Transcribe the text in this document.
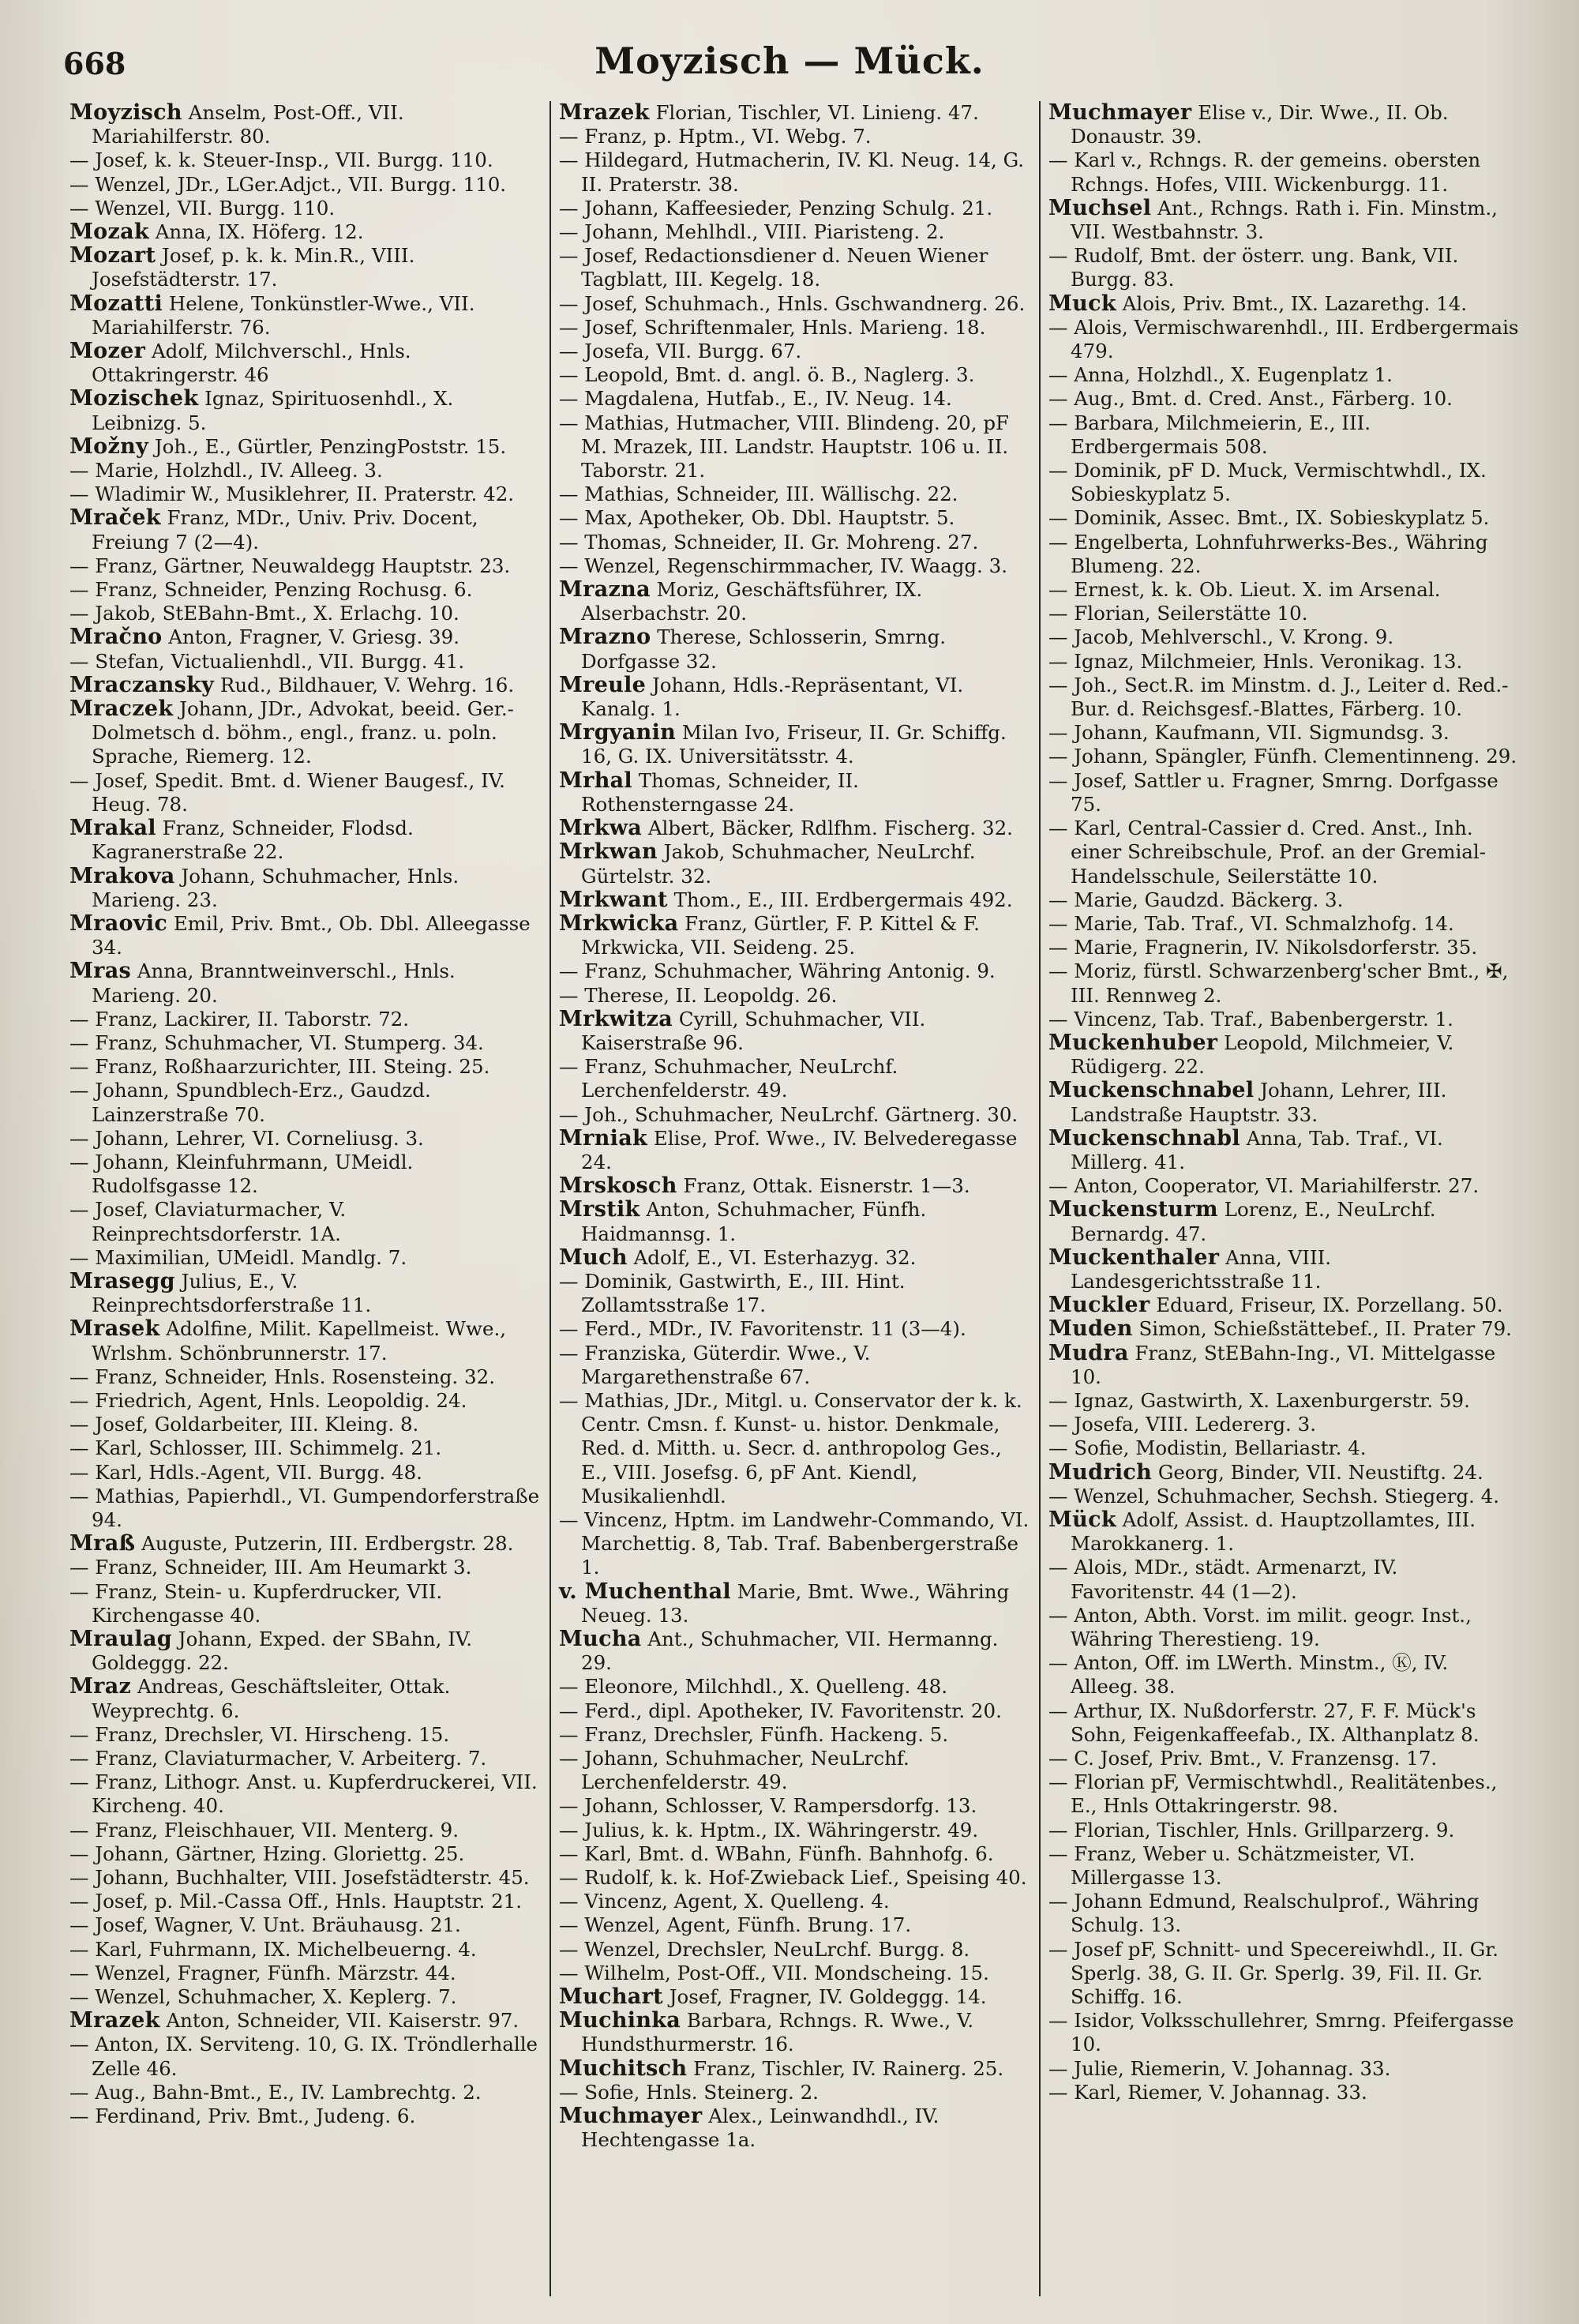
668	Moyzisch — Mück.

Moyzisch Anselm, Post-Off., VII. Mariahilferstr. 80.

— Josef, k. k. Steuer-Insp., VII. Burgg. 110.

— Wenzel, JDr., LGer.Adjct., VII. Burgg. 110.

— Wenzel, VII. Burgg. 110.

Mozak Anna, IX. Höferg. 12.

Mozart Josef, p. k. k. Min.R., VIII. Josefstädterstr. 17.

Mozatti Helene, Tonkünstler-Wwe., VII. Mariahilferstr. 76.

Mozer Adolf, Milchverschl., Hnls. Ottakringerstr. 46

Mozischek Ignaz, Spirituosenhdl., X. Leibnizg. 5.

Možny Joh., E., Gürtler, PenzingPoststr. 15.

— Marie, Holzhdl., IV. Alleeg. 3.

— Wladimir W., Musiklehrer, II. Praterstr. 42.

Mraček Franz, MDr., Univ. Priv. Docent, Freiung 7 (2—4).

— Franz, Gärtner, Neuwaldegg Hauptstr. 23.

— Franz, Schneider, Penzing Rochusg. 6.

— Jakob, StEBahn-Bmt., X. Erlachg. 10.

Mračno Anton, Fragner, V. Griesg. 39.

— Stefan, Victualienhdl., VII. Burgg. 41.

Mraczansky Rud., Bildhauer, V. Wehrg. 16.

Mraczek Johann, JDr., Advokat, beeid. Ger.-Dolmetsch d. böhm., engl., franz. u. poln. Sprache, Riemerg. 12.

— Josef, Spedit. Bmt. d. Wiener Baugesf., IV. Heug. 78.

Mrakal Franz, Schneider, Flodsd. Kagranerstraße 22.

Mrakova Johann, Schuhmacher, Hnls. Marieng. 23.

Mraovic Emil, Priv. Bmt., Ob. Dbl. Alleegasse 34.

Mras Anna, Branntweinverschl., Hnls. Marieng. 20.

— Franz, Lackirer, II. Taborstr. 72.

— Franz, Schuhmacher, VI. Stumperg. 34.

— Franz, Roßhaarzurichter, III. Steing. 25.

— Johann, Spundblech-Erz., Gaudzd. Lainzerstraße 70.

— Johann, Lehrer, VI. Corneliusg. 3.

— Johann, Kleinfuhrmann, UMeidl. Rudolfsgasse 12.

— Josef, Claviaturmacher, V. Reinprechtsdorferstr. 1A.

— Maximilian, UMeidl. Mandlg. 7.

Mrasegg Julius, E., V. Reinprechtsdorferstraße 11.

Mrasek Adolfine, Milit. Kapellmeist. Wwe., Wrlshm. Schönbrunnerstr. 17.

— Franz, Schneider, Hnls. Rosensteing. 32.

— Friedrich, Agent, Hnls. Leopoldig. 24.

— Josef, Goldarbeiter, III. Kleing. 8.

— Karl, Schlosser, III. Schimmelg. 21.

— Karl, Hdls.-Agent, VII. Burgg. 48.

— Mathias, Papierhdl., VI. Gumpendorferstraße 94.

Mraß Auguste, Putzerin, III. Erdbergstr. 28.

— Franz, Schneider, III. Am Heumarkt 3.

— Franz, Stein- u. Kupferdrucker, VII. Kirchengasse 40.

Mraulag Johann, Exped. der SBahn, IV. Goldeggg. 22.

Mraz Andreas, Geschäftsleiter, Ottak. Weyprechtg. 6.

— Franz, Drechsler, VI. Hirscheng. 15.

— Franz, Claviaturmacher, V. Arbeiterg. 7.

— Franz, Lithogr. Anst. u. Kupferdruckerei, VII. Kircheng. 40.

— Franz, Fleischhauer, VII. Menterg. 9.

— Johann, Gärtner, Hzing. Gloriettg. 25.

— Johann, Buchhalter, VIII. Josefstädterstr. 45.

— Josef, p. Mil.-Cassa Off., Hnls. Hauptstr. 21.

— Josef, Wagner, V. Unt. Bräuhausg. 21.

— Karl, Fuhrmann, IX. Michelbeuerng. 4.

— Wenzel, Fragner, Fünfh. Märzstr. 44.

— Wenzel, Schuhmacher, X. Keplerg. 7.

Mrazek Anton, Schneider, VII. Kaiserstr. 97.

— Anton, IX. Serviteng. 10, G. IX. Tröndlerhalle Zelle 46.

— Aug., Bahn-Bmt., E., IV. Lambrechtg. 2.

— Ferdinand, Priv. Bmt., Judeng. 6.

Mrazek Florian, Tischler, VI. Linieng. 47.

— Franz, p. Hptm., VI. Webg. 7.

— Hildegard, Hutmacherin, IV. Kl. Neug. 14, G. II. Praterstr. 38.

— Johann, Kaffeesieder, Penzing Schulg. 21.

— Johann, Mehlhdl., VIII. Piaristeng. 2.

— Josef, Redactionsdiener d. Neuen Wiener Tagblatt, III. Kegelg. 18.

— Josef, Schuhmach., Hnls. Gschwandnerg. 26.

— Josef, Schriftenmaler, Hnls. Marieng. 18.

— Josefa, VII. Burgg. 67.

— Leopold, Bmt. d. angl. ö. B., Naglerg. 3.

— Magdalena, Hutfab., E., IV. Neug. 14.

— Mathias, Hutmacher, VIII. Blindeng. 20, pF M. Mrazek, III. Landstr. Hauptstr. 106 u. II. Taborstr. 21.

— Mathias, Schneider, III. Wällischg. 22.

— Max, Apotheker, Ob. Dbl. Hauptstr. 5.

— Thomas, Schneider, II. Gr. Mohreng. 27.

— Wenzel, Regenschirmmacher, IV. Waagg. 3.

Mrazna Moriz, Geschäftsführer, IX. Alserbachstr. 20.

Mrazno Therese, Schlosserin, Smrng. Dorfgasse 32.

Mreule Johann, Hdls.-Repräsentant, VI. Kanalg. 1.

Mrgyanin Milan Ivo, Friseur, II. Gr. Schiffg. 16, G. IX. Universitätsstr. 4.

Mrhal Thomas, Schneider, II. Rothensterngasse 24.

Mrkwa Albert, Bäcker, Rdlfhm. Fischerg. 32.

Mrkwan Jakob, Schuhmacher, NeuLrchf. Gürtelstr. 32.

Mrkwant Thom., E., III. Erdbergermais 492.

Mrkwicka Franz, Gürtler, F. P. Kittel & F. Mrkwicka, VII. Seideng. 25.

— Franz, Schuhmacher, Währing Antonig. 9.

— Therese, II. Leopoldg. 26.

Mrkwitza Cyrill, Schuhmacher, VII. Kaiserstraße 96.

— Franz, Schuhmacher, NeuLrchf. Lerchenfelderstr. 49.

— Joh., Schuhmacher, NeuLrchf. Gärtnerg. 30.

Mrniak Elise, Prof. Wwe., IV. Belvederegasse 24.

Mrskosch Franz, Ottak. Eisnerstr. 1—3.

Mrstik Anton, Schuhmacher, Fünfh. Haidmannsg. 1.

Much Adolf, E., VI. Esterhazyg. 32.

— Dominik, Gastwirth, E., III. Hint. Zollamtsstraße 17.

— Ferd., MDr., IV. Favoritenstr. 11 (3—4).

— Franziska, Güterdir. Wwe., V. Margarethenstraße 67.

— Mathias, JDr., Mitgl. u. Conservator der k. k. Centr. Cmsn. f. Kunst- u. histor. Denkmale, Red. d. Mitth. u. Secr. d. anthropolog Ges., E., VIII. Josefsg. 6, pF Ant. Kiendl, Musikalienhdl.

— Vincenz, Hptm. im Landwehr-Commando, VI. Marchettig. 8, Tab. Traf. Babenbergerstraße 1.

v. Muchenthal Marie, Bmt. Wwe., Währing Neueg. 13.

Mucha Ant., Schuhmacher, VII. Hermanng. 29.

— Eleonore, Milchhdl., X. Quelleng. 48.

— Ferd., dipl. Apotheker, IV. Favoritenstr. 20.

— Franz, Drechsler, Fünfh. Hackeng. 5.

— Johann, Schuhmacher, NeuLrchf. Lerchenfelderstr. 49.

— Johann, Schlosser, V. Rampersdorfg. 13.

— Julius, k. k. Hptm., IX. Währingerstr. 49.

— Karl, Bmt. d. WBahn, Fünfh. Bahnhofg. 6.

— Rudolf, k. k. Hof-Zwieback Lief., Speising 40.

— Vincenz, Agent, X. Quelleng. 4.

— Wenzel, Agent, Fünfh. Brung. 17.

— Wenzel, Drechsler, NeuLrchf. Burgg. 8.

— Wilhelm, Post-Off., VII. Mondscheing. 15.

Muchart Josef, Fragner, IV. Goldeggg. 14.

Muchinka Barbara, Rchngs. R. Wwe., V. Hundsthurmerstr. 16.

Muchitsch Franz, Tischler, IV. Rainerg. 25.

— Sofie, Hnls. Steinerg. 2.

Muchmayer Alex., Leinwandhdl., IV. Hechtengasse 1a.

Muchmayer Elise v., Dir. Wwe., II. Ob. Donaustr. 39.

— Karl v., Rchngs. R. der gemeins. obersten Rchngs. Hofes, VIII. Wickenburgg. 11.

Muchsel Ant., Rchngs. Rath i. Fin. Minstm., VII. Westbahnstr. 3.

— Rudolf, Bmt. der österr. ung. Bank, VII. Burgg. 83.

Muck Alois, Priv. Bmt., IX. Lazarethg. 14.

— Alois, Vermischwarenhdl., III. Erdbergermais 479.

— Anna, Holzhdl., X. Eugenplatz 1.

— Aug., Bmt. d. Cred. Anst., Färberg. 10.

— Barbara, Milchmeierin, E., III. Erdbergermais 508.

— Dominik, pF D. Muck, Vermischtwhdl., IX. Sobieskyplatz 5.

— Dominik, Assec. Bmt., IX. Sobieskyplatz 5.

— Engelberta, Lohnfuhrwerks-Bes., Währing Blumeng. 22.

— Ernest, k. k. Ob. Lieut. X. im Arsenal.

— Florian, Seilerstätte 10.

— Jacob, Mehlverschl., V. Krong. 9.

— Ignaz, Milchmeier, Hnls. Veronikag. 13.

— Joh., Sect.R. im Minstm. d. J., Leiter d. Red.-Bur. d. Reichsgesf.-Blattes, Färberg. 10.

— Johann, Kaufmann, VII. Sigmundsg. 3.

— Johann, Spängler, Fünfh. Clementinneng. 29.

— Josef, Sattler u. Fragner, Smrng. Dorfgasse 75.

— Karl, Central-Cassier d. Cred. Anst., Inh. einer Schreibschule, Prof. an der Gremial-Handelsschule, Seilerstätte 10.

— Marie, Gaudzd. Bäckerg. 3.

— Marie, Tab. Traf., VI. Schmalzhofg. 14.

— Marie, Fragnerin, IV. Nikolsdorferstr. 35.

— Moriz, fürstl. Schwarzenberg'scher Bmt., ✠, III. Rennweg 2.

— Vincenz, Tab. Traf., Babenbergerstr. 1.

Muckenhuber Leopold, Milchmeier, V. Rüdigerg. 22.

Muckenschnabel Johann, Lehrer, III. Landstraße Hauptstr. 33.

Muckenschnabl Anna, Tab. Traf., VI. Millerg. 41.

— Anton, Cooperator, VI. Mariahilferstr. 27.

Muckensturm Lorenz, E., NeuLrchf. Bernardg. 47.

Muckenthaler Anna, VIII. Landesgerichtsstraße 11.

Muckler Eduard, Friseur, IX. Porzellang. 50.

Muden Simon, Schießstättebef., II. Prater 79.

Mudra Franz, StEBahn-Ing., VI. Mittelgasse 10.

— Ignaz, Gastwirth, X. Laxenburgerstr. 59.

— Josefa, VIII. Ledererg. 3.

— Sofie, Modistin, Bellariastr. 4.

Mudrich Georg, Binder, VII. Neustiftg. 24.

— Wenzel, Schuhmacher, Sechsh. Stiegerg. 4.

Mück Adolf, Assist. d. Hauptzollamtes, III. Marokkanerg. 1.

— Alois, MDr., städt. Armenarzt, IV. Favoritenstr. 44 (1—2).

— Anton, Abth. Vorst. im milit. geogr. Inst., Währing Therestieng. 19.

— Anton, Off. im LWerth. Minstm., Ⓚ, IV. Alleeg. 38.

— Arthur, IX. Nußdorferstr. 27, F. F. Mück's Sohn, Feigenkaffeefab., IX. Althanplatz 8.

— C. Josef, Priv. Bmt., V. Franzensg. 17.

— Florian pF, Vermischtwhdl., Realitätenbes., E., Hnls Ottakringerstr. 98.

— Florian, Tischler, Hnls. Grillparzerg. 9.

— Franz, Weber u. Schätzmeister, VI. Millergasse 13.

— Johann Edmund, Realschulprof., Währing Schulg. 13.

— Josef pF, Schnitt- und Specereiwhdl., II. Gr. Sperlg. 38, G. II. Gr. Sperlg. 39, Fil. II. Gr. Schiffg. 16.

— Isidor, Volksschullehrer, Smrng. Pfeifergasse 10.

— Julie, Riemerin, V. Johannag. 33.

— Karl, Riemer, V. Johannag. 33.
